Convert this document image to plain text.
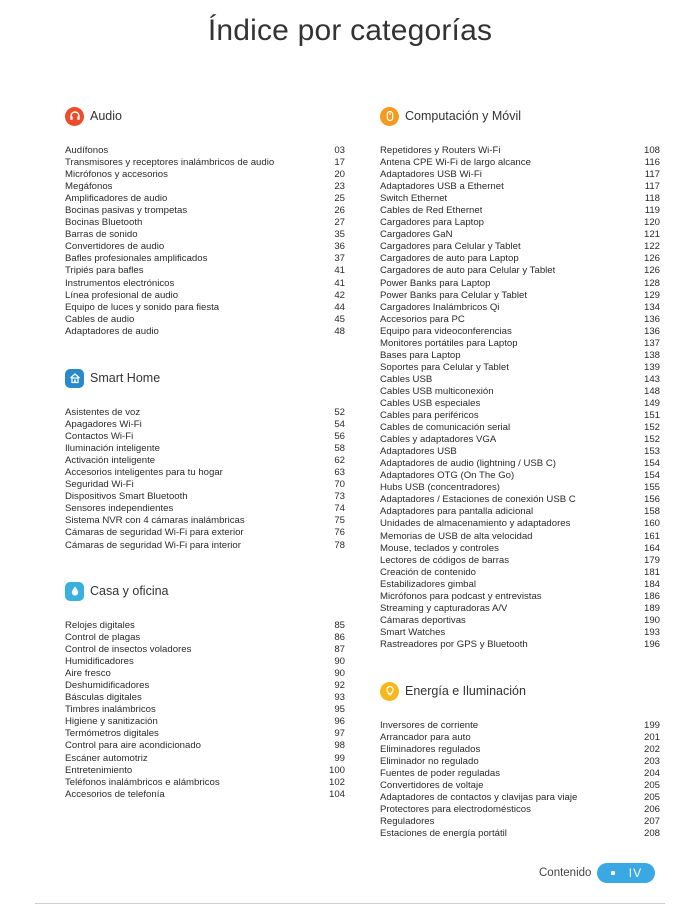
Índice por categorías
Audio
Audífonos	03
Transmisores y receptores inalámbricos de audio	17
Micrófonos y accesorios	20
Megáfonos	23
Amplificadores de audio	25
Bocinas pasivas y trompetas	26
Bocinas Bluetooth	27
Barras de sonido	35
Convertidores de audio	36
Bafles profesionales amplificados	37
Tripiés para bafles	41
Instrumentos electrónicos	41
Línea profesional de audio	42
Equipo de luces y sonido para fiesta	44
Cables de audio	45
Adaptadores de audio	48
Smart Home
Asistentes de voz	52
Apagadores Wi-Fi	54
Contactos Wi-Fi	56
Iluminación inteligente	58
Activación inteligente	62
Accesorios inteligentes para tu hogar	63
Seguridad Wi-Fi	70
Dispositivos Smart Bluetooth	73
Sensores independientes	74
Sistema NVR con 4 cámaras inalámbricas	75
Cámaras de seguridad Wi-Fi para exterior	76
Cámaras de seguridad Wi-Fi para interior	78
Casa y oficina
Relojes digitales	85
Control de plagas	86
Control de insectos voladores	87
Humidificadores	90
Aire fresco	90
Deshumidificadores	92
Básculas digitales	93
Timbres inalámbricos	95
Higiene y sanitización	96
Termómetros digitales	97
Control para aire acondicionado	98
Escáner automotriz	99
Entretenimiento	100
Teléfonos inalámbricos e alámbricos	102
Accesorios de telefonía	104
Computación y Móvil
Repetidores y Routers Wi-Fi	108
Antena CPE Wi-Fi de largo alcance	116
Adaptadores USB Wi-Fi	117
Adaptadores USB a Ethernet	117
Switch Ethernet	118
Cables de Red Ethernet	119
Cargadores para Laptop	120
Cargadores GaN	121
Cargadores para Celular y Tablet	122
Cargadores de auto para Laptop	126
Cargadores de auto para Celular y Tablet	126
Power Banks para Laptop	128
Power Banks para Celular y Tablet	129
Cargadores Inalámbricos Qi	134
Accesorios para PC	136
Equipo para videoconferencias	136
Monitores portátiles para Laptop	137
Bases para Laptop	138
Soportes para Celular y Tablet	139
Cables USB	143
Cables USB multiconexión	148
Cables USB especiales	149
Cables para periféricos	151
Cables de comunicación serial	152
Cables y adaptadores VGA	152
Adaptadores USB	153
Adaptadores de audio (lightning / USB C)	154
Adaptadores OTG (On The Go)	154
Hubs USB (concentradores)	155
Adaptadores / Estaciones de conexión USB C	156
Adaptadores para pantalla adicional	158
Unidades de almacenamiento y adaptadores	160
Memorias de USB de alta velocidad	161
Mouse, teclados y controles	164
Lectores de códigos de barras	179
Creación de contenido	181
Estabilizadores gimbal	184
Micrófonos para podcast y entrevistas	186
Streaming y capturadoras A/V	189
Cámaras deportivas	190
Smart Watches	193
Rastreadores por GPS y Bluetooth	196
Energía e Iluminación
Inversores de corriente	199
Arrancador para auto	201
Eliminadores regulados	202
Eliminador no regulado	203
Fuentes de poder reguladas	204
Convertidores de voltaje	205
Adaptadores de contactos y clavijas para viaje	205
Protectores para electrodomésticos	206
Reguladores	207
Estaciones de energía portátil	208
Contenido	IV
